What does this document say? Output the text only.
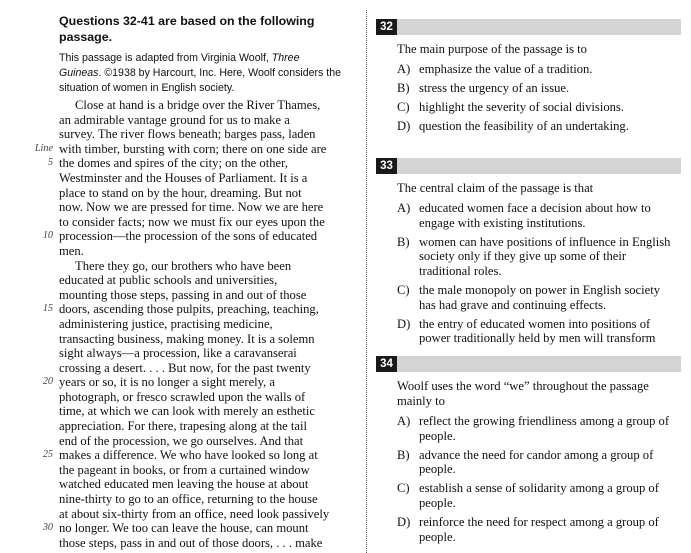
Questions 32-41 are based on the following passage.
This passage is adapted from Virginia Woolf, Three Guineas. ©1938 by Harcourt, Inc. Here, Woolf considers the situation of women in English society.
Close at hand is a bridge over the River Thames,
an admirable vantage ground for us to make a
survey. The river flows beneath; barges pass, laden
Line with timber, bursting with corn; there on one side are
5 the domes and spires of the city; on the other,
Westminster and the Houses of Parliament. It is a
place to stand on by the hour, dreaming. But not
now. Now we are pressed for time. Now we are here
to consider facts; now we must fix our eyes upon the
10 procession—the procession of the sons of educated
men.
There they go, our brothers who have been
educated at public schools and universities,
mounting those steps, passing in and out of those
15 doors, ascending those pulpits, preaching, teaching,
administering justice, practising medicine,
transacting business, making money. It is a solemn
sight always—a procession, like a caravanserai
crossing a desert. . . . But now, for the past twenty
20 years or so, it is no longer a sight merely, a
photograph, or fresco scrawled upon the walls of
time, at which we can look with merely an esthetic
appreciation. For there, trapesing along at the tail
end of the procession, we go ourselves. And that
25 makes a difference. We who have looked so long at
the pageant in books, or from a curtained window
watched educated men leaving the house at about
nine-thirty to go to an office, returning to the house
at about six-thirty from an office, need look passively
30 no longer. We too can leave the house, can mount
those steps, pass in and out of those doors, . . . make
32
The main purpose of the passage is to
A) emphasize the value of a tradition.
B) stress the urgency of an issue.
C) highlight the severity of social divisions.
D) question the feasibility of an undertaking.
33
The central claim of the passage is that
A) educated women face a decision about how to engage with existing institutions.
B) women can have positions of influence in English society only if they give up some of their traditional roles.
C) the male monopoly on power in English society has had grave and continuing effects.
D) the entry of educated women into positions of power traditionally held by men will transform
34
Woolf uses the word “we” throughout the passage mainly to
A) reflect the growing friendliness among a group of people.
B) advance the need for candor among a group of people.
C) establish a sense of solidarity among a group of people.
D) reinforce the need for respect among a group of people.
